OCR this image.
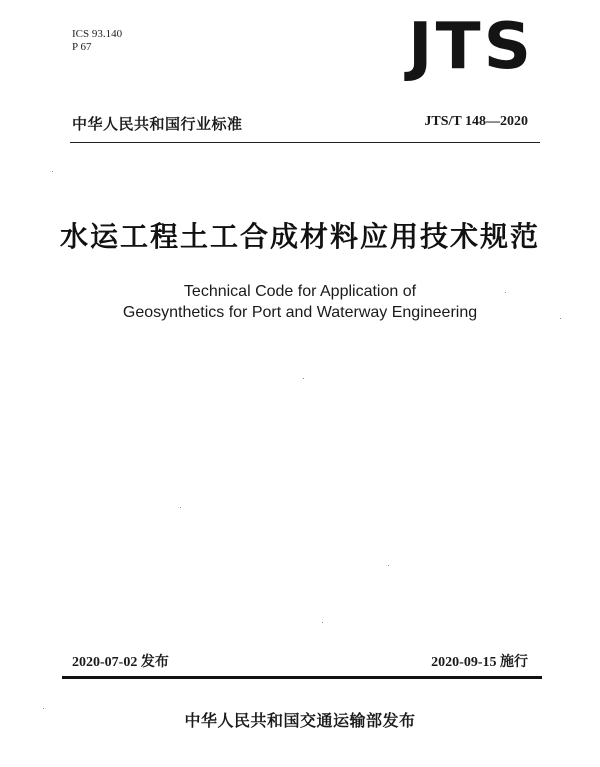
ICS 93.140
P 67	JTS
中华人民共和国行业标准	JTS/T 148—2020
水运工程土工合成材料应用技术规范
Technical Code for Application of
Geosynthetics for Port and Waterway Engineering
2020-07-02 发布	2020-09-15 施行
中华人民共和国交通运输部发布
